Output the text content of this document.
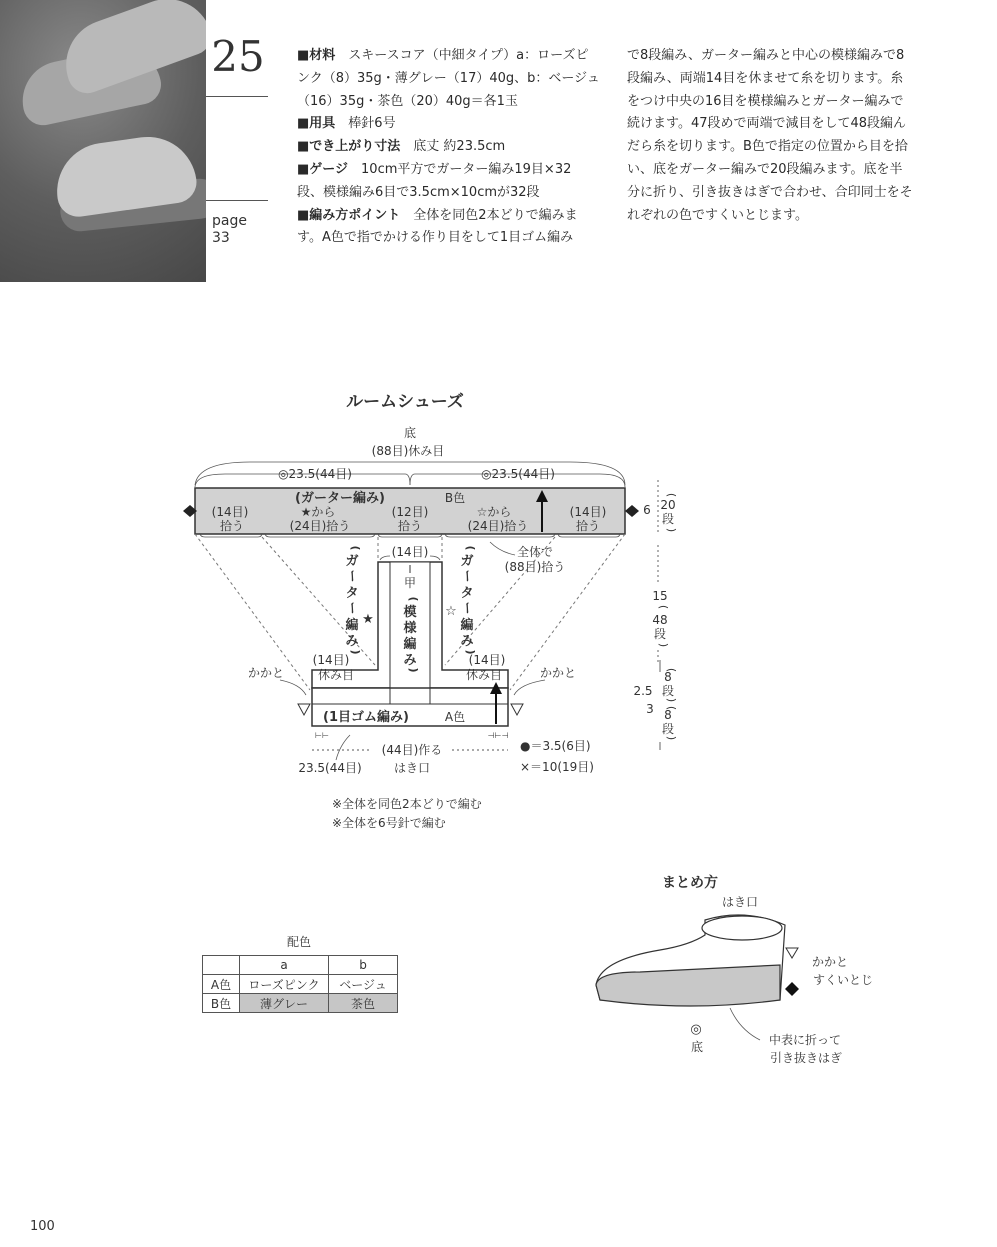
25
page
33

■材料　スキースコア（中細タイプ）a：ローズピ

ンク（8）35g・薄グレー（17）40g、b：ベージュ

（16）35g・茶色（20）40g＝各1玉

■用具　棒針6号

■でき上がり寸法　底丈 約23.5cm

■ゲージ　10cm平方でガーター編み19目×32

段、模様編み6目で3.5cm×10cmが32段

■編み方ポイント　全体を同色2本どりで編みま

す。A色で指でかける作り目をして1目ゴム編み

で8段編み、ガーター編みと中心の模様編みで8

段編み、両端14目を休ませて糸を切ります。糸

をつけ中央の16目を模様編みとガーター編みで

続けます。47段めで両端で減目をして48段編ん

だら糸を切ります。B色で指定の位置から目を拾

い、底をガーター編みで20段編みます。底を半

分に折り、引き抜きはぎで合わせ、合印同士をそ

れぞれの色ですくいとじます。

ルームシューズ
底
(88目)休み目
◎23.5(44目)	◎23.5(44目)
(ガーター編み)	B色
(14目)
拾う
★から
(24目)拾う
(12目)
拾う
☆から
(24目)拾う
(14目)
拾う
6
(
20
段
)
(14目)
甲
(
模
様
編
み
)
(
ガ
ー
タ
ー
編
み
)
★
(
ガ
ー
タ
ー
編
み
)
☆
全体で
(88目)拾う
15
(
48
段
)
(14目)
休み目
(14目)
休み目
かかと	かかと
(1目ゴム編み)	A色
(
8
段
)
2.5
3 (
8
段
)
⊢⊢	⊣⊢⊣
(44目)作る
はき口
23.5(44目)
●＝3.5(6目)
×＝10(19目)
※全体を同色2本どりで編む
※全体を6号針で編む
まとめ方
はき口
かかと
すくいとじ
◎
底	中表に折って
引き抜きはぎ
配色
	a	b
A色	ローズピンク	ベージュ
B色	薄グレー	茶色
100
